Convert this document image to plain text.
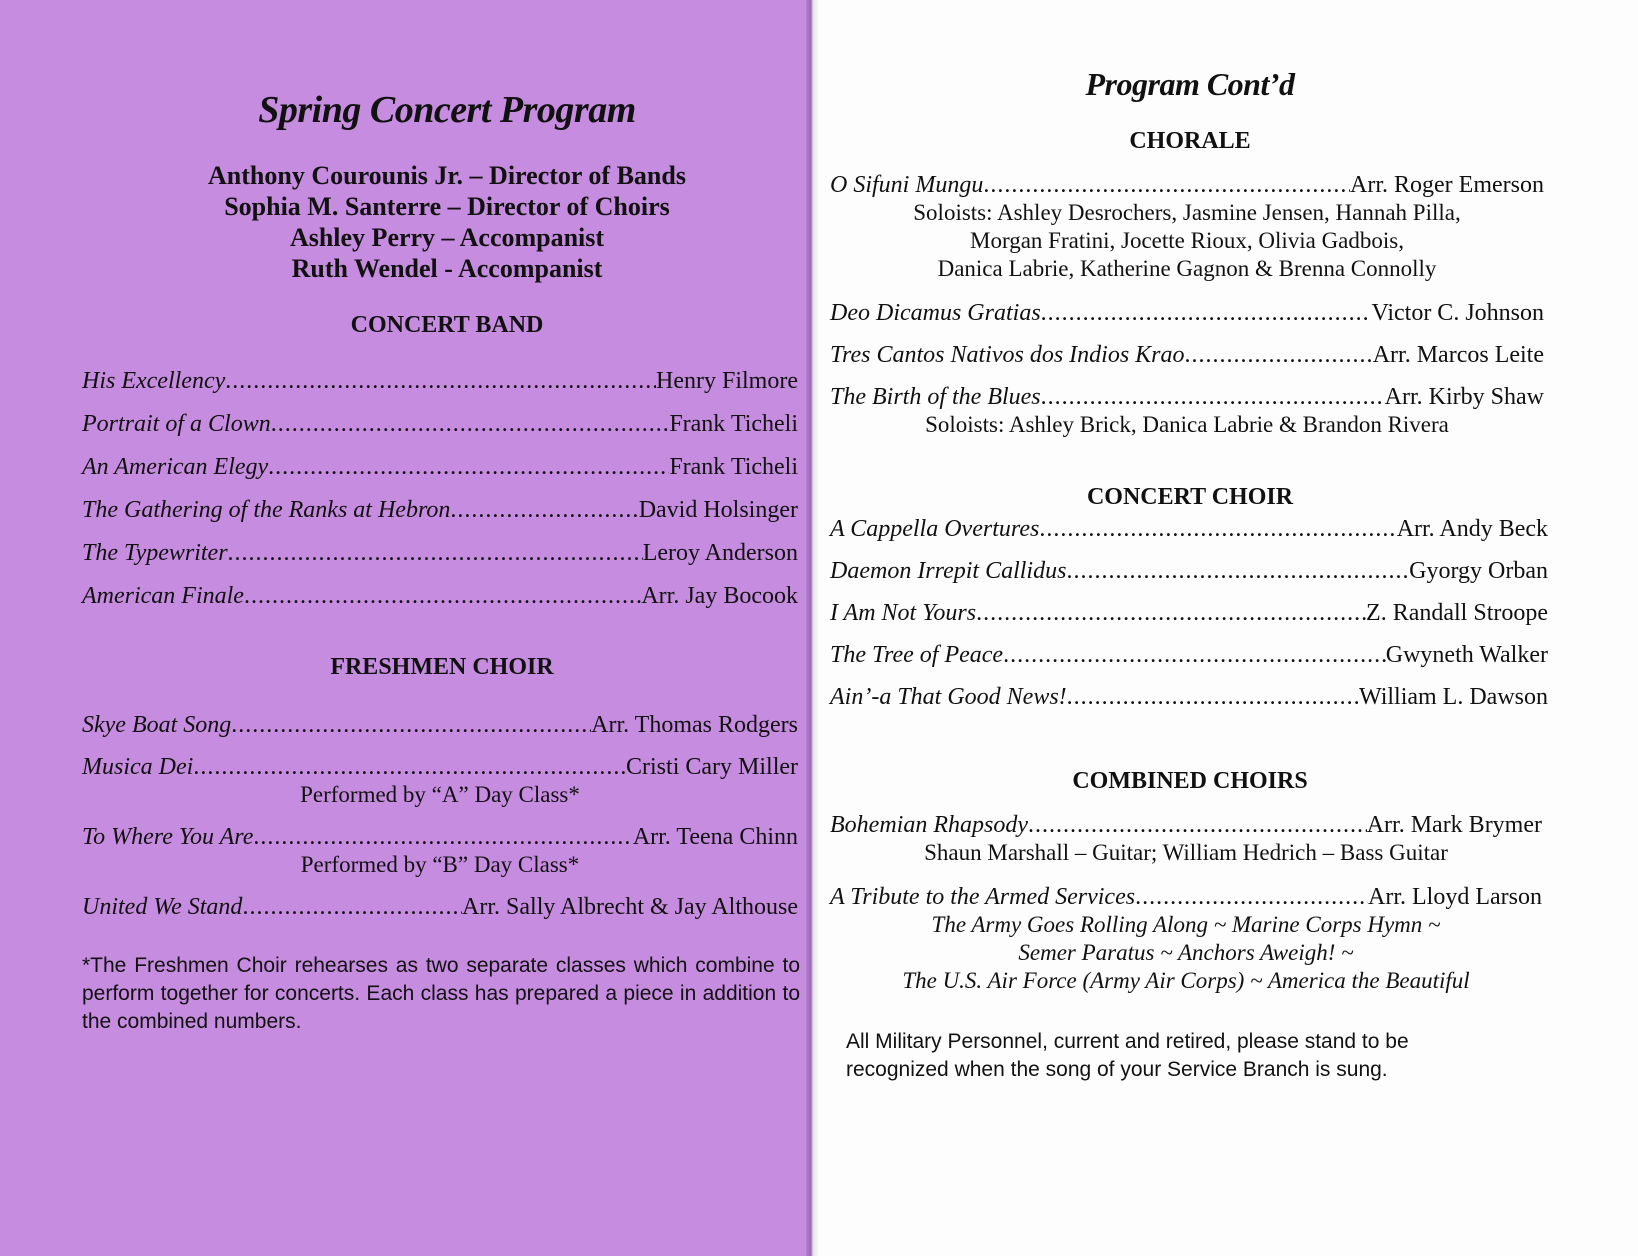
Spring Concert Program
Anthony Courounis Jr. – Director of Bands
Sophia M. Santerre – Director of Choirs
Ashley Perry – Accompanist
Ruth Wendel - Accompanist
CONCERT BAND
His Excellency .....	Henry Filmore
Portrait of a Clown .....	Frank Ticheli
An American Elegy .....	Frank Ticheli
The Gathering of the Ranks at Hebron .....	David Holsinger
The Typewriter .....	Leroy Anderson
American Finale .....	Arr. Jay Bocook
FRESHMEN CHOIR
Skye Boat Song .....	Arr. Thomas Rodgers
Musica Dei .....	Cristi Cary Miller
Performed by “A” Day Class*
To Where You Are .....	Arr. Teena Chinn
Performed by “B” Day Class*
United We Stand .....	Arr. Sally Albrecht & Jay Althouse
*The Freshmen Choir rehearses as two separate classes which combine to perform together for concerts. Each class has prepared a piece in addition to the combined numbers.
Program Cont’d
CHORALE
O Sifuni Mungu .....	Arr. Roger Emerson
Soloists: Ashley Desrochers, Jasmine Jensen, Hannah Pilla,
Morgan Fratini, Jocette Rioux, Olivia Gadbois,
Danica Labrie, Katherine Gagnon & Brenna Connolly
Deo Dicamus Gratias .....	Victor C. Johnson
Tres Cantos Nativos dos Indios Krao .....	Arr. Marcos Leite
The Birth of the Blues .....	Arr. Kirby Shaw
Soloists: Ashley Brick, Danica Labrie & Brandon Rivera
CONCERT CHOIR
A Cappella Overtures .....	Arr. Andy Beck
Daemon Irrepit Callidus .....	Gyorgy Orban
I Am Not Yours .....	Z. Randall Stroope
The Tree of Peace .....	Gwyneth Walker
Ain’-a That Good News! .....	William L. Dawson
COMBINED CHOIRS
Bohemian Rhapsody .....	Arr. Mark Brymer
Shaun Marshall – Guitar; William Hedrich – Bass Guitar
A Tribute to the Armed Services .....	Arr. Lloyd Larson
The Army Goes Rolling Along ~ Marine Corps Hymn ~
Semer Paratus ~ Anchors Aweigh! ~
The U.S. Air Force (Army Air Corps) ~ America the Beautiful
All Military Personnel, current and retired, please stand to be
recognized when the song of your Service Branch is sung.
